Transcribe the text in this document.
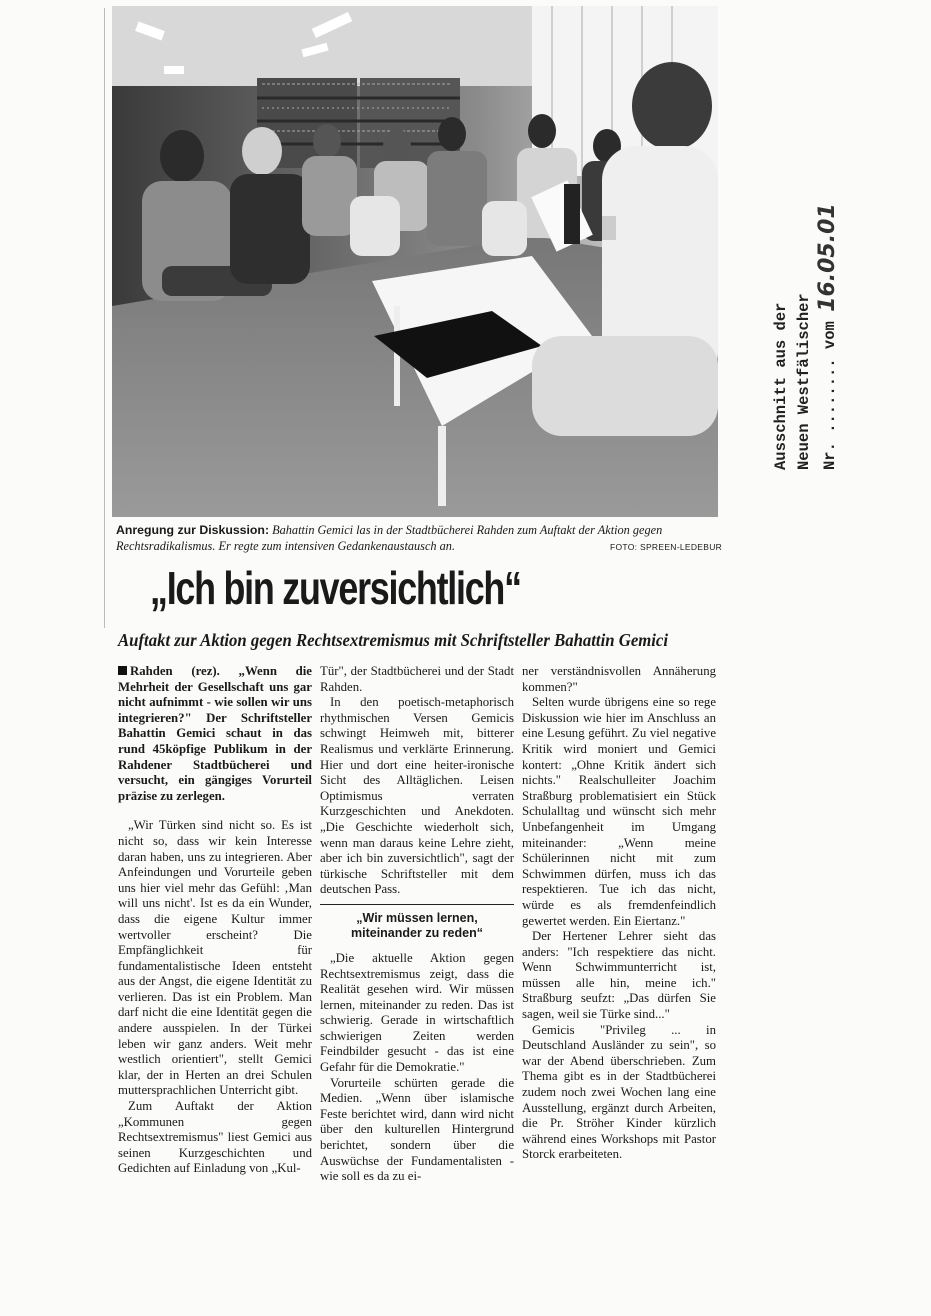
Anregung zur Diskussion: Bahattin Gemici las in der Stadtbücherei Rahden zum Auftakt der Aktion gegen Rechtsradikalismus. Er regte zum intensiven Gedankenaustausch an.	FOTO: SPREEN-LEDEBUR
„Ich bin zuversichtlich“
Auftakt zur Aktion gegen Rechtsextremismus mit Schriftsteller Bahattin Gemici

Rahden (rez). „Wenn die Mehrheit der Gesellschaft uns gar nicht aufnimmt - wie sollen wir uns integrieren?" Der Schriftsteller Bahattin Gemici schaut in das rund 45köpfige Publikum in der Rahdener Stadtbücherei und versucht, ein gängiges Vorurteil präzise zu zerlegen.

„Wir Türken sind nicht so. Es ist nicht so, dass wir kein Interesse daran haben, uns zu integrieren. Aber Anfeindungen und Vorurteile geben uns hier viel mehr das Gefühl: ‚Man will uns nicht'. Ist es da ein Wunder, dass die eigene Kultur immer wertvoller erscheint? Die Empfänglichkeit für fundamentalistische Ideen entsteht aus der Angst, die eigene Identität zu verlieren. Das ist ein Problem. Man darf nicht die eine Identität gegen die andere ausspielen. In der Türkei leben wir ganz anders. Weit mehr westlich orientiert", stellt Gemici klar, der in Herten an drei Schulen muttersprachlichen Unterricht gibt.

Zum Auftakt der Aktion „Kommunen gegen Rechtsextremismus" liest Gemici aus seinen Kurzgeschichten und Gedichten auf Einladung von „Kul-

Tür", der Stadtbücherei und der Stadt Rahden.

In den poetisch-metaphorisch rhythmischen Versen Gemicis schwingt Heimweh mit, bitterer Realismus und verklärte Erinnerung. Hier und dort eine heiter-ironische Sicht des Alltäglichen. Leisen Optimismus verraten Kurzgeschichten und Anekdoten. „Die Geschichte wiederholt sich, wenn man daraus keine Lehre zieht, aber ich bin zuversichtlich", sagt der türkische Schriftsteller mit dem deutschen Pass.

„Wir müssen lernen, miteinander zu reden“

„Die aktuelle Aktion gegen Rechtsextremismus zeigt, dass die Realität gesehen wird. Wir müssen lernen, miteinander zu reden. Das ist schwierig. Gerade in wirtschaftlich schwierigen Zeiten werden Feindbilder gesucht - das ist eine Gefahr für die Demokratie."

Vorurteile schürten gerade die Medien. „Wenn über islamische Feste berichtet wird, dann wird nicht über den kulturellen Hintergrund berichtet, sondern über die Auswüchse der Fundamentalisten - wie soll es da zu ei-

ner verständnisvollen Annäherung kommen?"

Selten wurde übrigens eine so rege Diskussion wie hier im Anschluss an eine Lesung geführt. Zu viel negative Kritik wird moniert und Gemici kontert: „Ohne Kritik ändert sich nichts." Realschulleiter Joachim Straßburg problematisiert ein Stück Schulalltag und wünscht sich mehr Unbefangenheit im Umgang miteinander: „Wenn meine Schülerinnen nicht mit zum Schwimmen dürfen, muss ich das respektieren. Tue ich das nicht, würde es als fremdenfeindlich gewertet werden. Ein Eiertanz."

Der Hertener Lehrer sieht das anders: "Ich respektiere das nicht. Wenn Schwimmunterricht ist, müssen alle hin, meine ich." Straßburg seufzt: „Das dürfen Sie sagen, weil sie Türke sind..."

Gemicis "Privileg ... in Deutschland Ausländer zu sein", so war der Abend überschrieben. Zum Thema gibt es in der Stadtbücherei zudem noch zwei Wochen lang eine Ausstellung, ergänzt durch Arbeiten, die Pr. Ströher Kinder kürzlich während eines Workshops mit Pastor Storck erarbeiteten.

Ausschnitt aus der Neuen Westfälischer Nr. ........ vom 16.05.01
